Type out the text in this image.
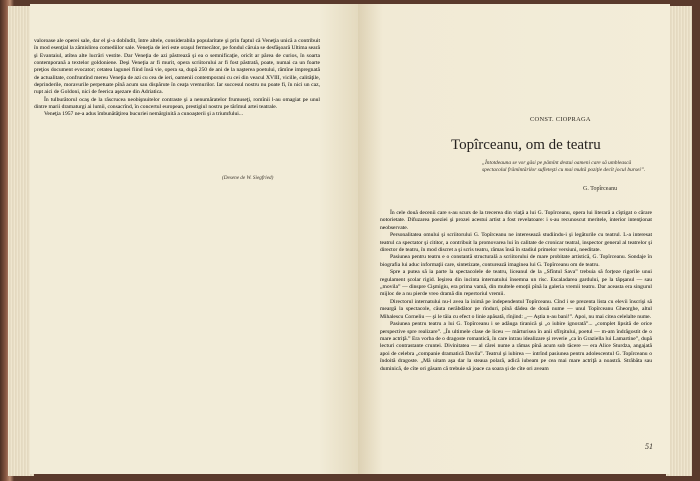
valoroase ale operei sale, dar el şi-a dobîndit, între altele, considerabila popularitate şi prin faptul că Veneţia unică a contribuit în mod esenţial la zămislirea comediilor sale. Veneţia de ieri este oraşul fermecător, pe fondul căruia se desfăşoară Ultima seară şi Evantaiul, atîtea alte lucrări vestite. Dar Veneţia de azi păstrează şi ea o semnificaţie, oricît ar părea de curios, în soarta contemporană a textelor goldoniene. Deşi Veneţia ar fi murit, opera scriitorului ar fi fost păstrată, poate, numai ca un foarte preţios document evocator; cetatea lagunei fiind însă vie, opera sa, după 250 de ani de la naşterea poetului, rămîne impregnată de actualitate, confruntînd mereu Veneţia de azi cu cea de ieri, oamenii contemporani cu cei din veacul XVIII, vicille, calităţile, deprinderile, moravurile perpetuate pînă acum sau dispărute în ceaţa vremurilor. Iar succesul nostru nu poate fi, în nici un caz, rupt aici de Goldoni, nici de feerica aşezare din Adriatica.

În tulburătorul ocaş de la răscrucea neobişnuitelor contraste şi a nenumăratelor frumuseţi, romînii l-au omagiat pe unul dintre marii dramaturgi ai lumii, consacrînd, în concertul european, prestigiul nostru pe tărîmul artei teatrale.

Veneţia 1957 ne-a adus îmbunătăţirea bucuriei nemărginită a cunoaşterii şi a triumfului...

(Desene de W. Siegfried)
CONST. CIOPRAGA
Topîrceanu, om de teatru
„Întotdeauna se vor găsi pe pămînt destui oameni care să umblească spectacolul frămîntărilor sufleteşti cu mai multă poziţie decît jocul bursei”.
G. Topîrceanu

În cele două decenii care s-au scurs de la trecerea din viaţă a lui G. Topîrceanu, opera lui literară a cîştigat o cărare notorietate. Difuzarea poeziei şi prozei acestui artist a fost revelatoare: i s-au recunoscut meritele, interior intenţionat neobservate.

Personalitatea omului şi scriitorului G. Topîrceanu ne interesează studiindu-i şi legăturile cu teatrul. L-a interesat teatrul ca spectator şi cititor, a contribuit la promovarea lui în calitate de cronicar teatral, inspector general al teatrelor şi director de teatru, în mod discret a şi scris teatru, rămas însă în stadiul primelor versiuni, needitate.

Pasiunea pentru teatru e o constantă structurală a scriitorului de mare probitate artistică, G. Topîrceanu. Sondaje în biografia lui aduc informaţii care, sintetizate, conturează imaginea lui G. Topîrceanu om de teatru.

Spre a putea să ia parte la spectacolele de teatru, liceanul de la „Sfîntul Sava” trebuia să forţeze rigorile unui regulament şcolar rigid. Ieşirea din incinta internatului însemna un risc. Escaladarea gardului, pe la tăpşanul — sau „movila” — dinspre Cişmigiu, era prima vamă, din multele emoţii pînă la galeria vremii teatru. Dar aceasta era singurul mijloc de a nu pierde vreo dramă din repertoriul vremii.

Directorul internatului nu-l avea la inimă pe independentul Topîrceanu. Cînd i se prezenta lista cu elevii înscrişi să meargă la spectacole, căuta nerăbdător pe rînduri, pînă dădea de două nume — unul Topîrceanu Gheorghe, altul Mihalescu Corneliu — şi le tăia cu efect o linie apăsată, rînjind: „— Aştia n-au bani!”. Apoi, nu mai citea celelalte nume.

Pasiunea pentru teatru a lui G. Topîrceanu i se adăuga tiranică şi „o iubire ignorată”... „complet lipsită de orice perspective spre realizare”. „În ultimele clase de liceu — mărturisea în anii sfîrşitului, poetul — m-am îndrăgostit de o mare actriţă.” Era vorba de o dragoste romantică, în care intrau idealizare şi reverie „ca în Graziella lui Lamartine”, după lecturi contrastante cruntei. Divinitatea — al cărei nume a rămas pînă acum sub tăcere — era Alice Sturdza, angajată apoi de celebra „companie dramatică Davila”. Teatrul şi iubirea — intrînd pasiunea pentru adolescentul G. Topîrceanu o îndoită dragoste. „Mă uitam aşa dar la steaua polară, adică iubeam pe cea mai mare actriţă a noastră. Străbăta sau duminică, de cîte ori găsam că trebuie să joace ca soara şi de cîte ori aveam

51
